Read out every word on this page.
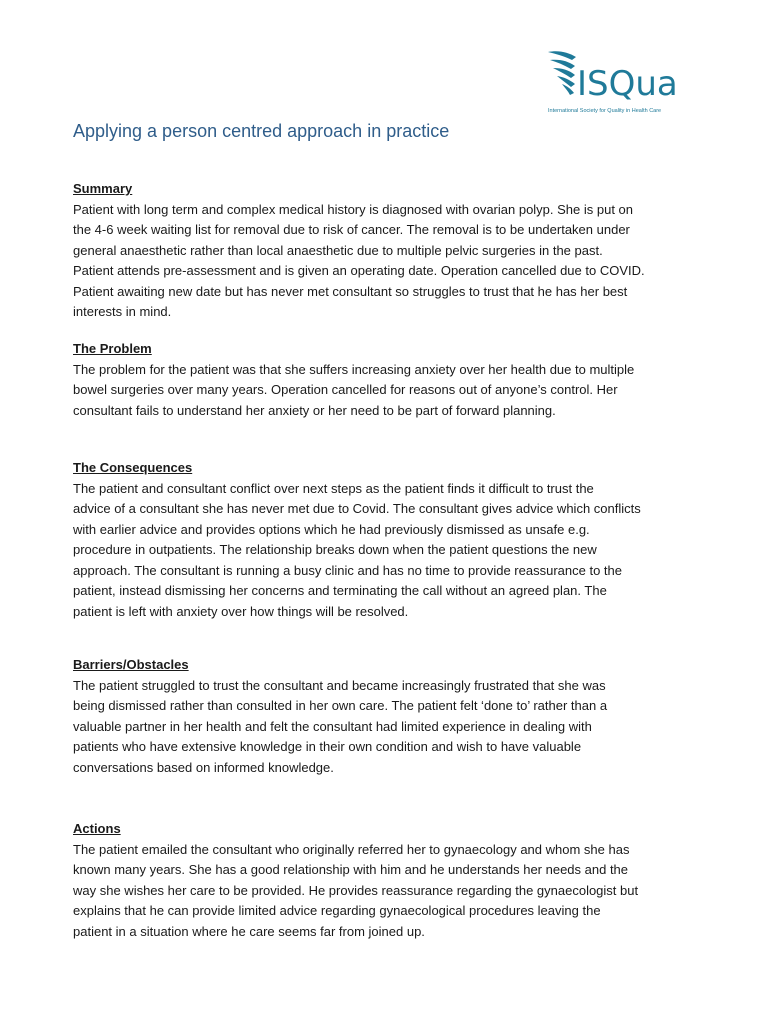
ISQua
International Society for Quality in Health Care
Applying a person centred approach in practice
Summary

Patient with long term and complex medical history is diagnosed with ovarian polyp. She is put on
the 4-6 week waiting list for removal due to risk of cancer. The removal is to be undertaken under
general anaesthetic rather than local anaesthetic due to multiple pelvic surgeries in the past.
Patient attends pre-assessment and is given an operating date. Operation cancelled due to COVID.
Patient awaiting new date but has never met consultant so struggles to trust that he has her best
interests in mind.

The Problem

The problem for the patient was that she suffers increasing anxiety over her health due to multiple
bowel surgeries over many years. Operation cancelled for reasons out of anyone’s control. Her
consultant fails to understand her anxiety or her need to be part of forward planning.

The Consequences

The patient and consultant conflict over next steps as the patient finds it difficult to trust the
advice of a consultant she has never met due to Covid. The consultant gives advice which conflicts
with earlier advice and provides options which he had previously dismissed as unsafe e.g.
procedure in outpatients. The relationship breaks down when the patient questions the new
approach. The consultant is running a busy clinic and has no time to provide reassurance to the
patient, instead dismissing her concerns and terminating the call without an agreed plan. The
patient is left with anxiety over how things will be resolved.

Barriers/Obstacles

The patient struggled to trust the consultant and became increasingly frustrated that she was
being dismissed rather than consulted in her own care. The patient felt ‘done to’ rather than a
valuable partner in her health and felt the consultant had limited experience in dealing with
patients who have extensive knowledge in their own condition and wish to have valuable
conversations based on informed knowledge.

Actions

The patient emailed the consultant who originally referred her to gynaecology and whom she has
known many years. She has a good relationship with him and he understands her needs and the
way she wishes her care to be provided. He provides reassurance regarding the gynaecologist but
explains that he can provide limited advice regarding gynaecological procedures leaving the
patient in a situation where he care seems far from joined up.
